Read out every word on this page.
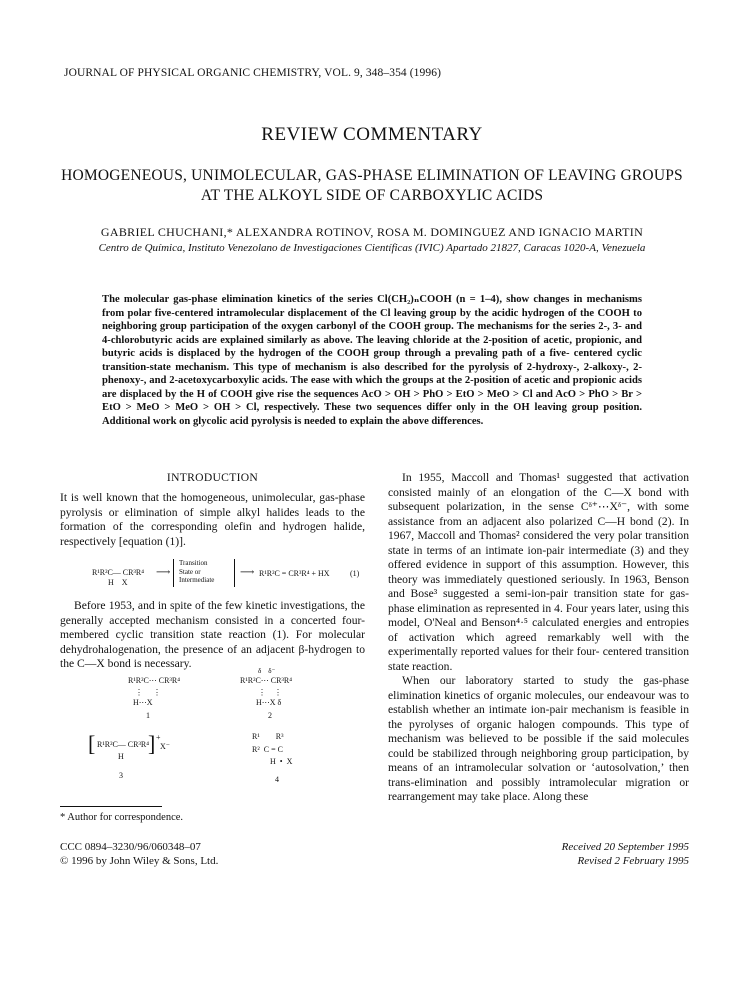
JOURNAL OF PHYSICAL ORGANIC CHEMISTRY, VOL. 9, 348–354 (1996)
REVIEW COMMENTARY
HOMOGENEOUS, UNIMOLECULAR, GAS-PHASE ELIMINATION OF LEAVING GROUPS AT THE ALKOYL SIDE OF CARBOXYLIC ACIDS
GABRIEL CHUCHANI,* ALEXANDRA ROTINOV, ROSA M. DOMINGUEZ AND IGNACIO MARTIN
Centro de Química, Instituto Venezolano de Investigaciones Científicas (IVIC) Apartado 21827, Caracas 1020-A, Venezuela
The molecular gas-phase elimination kinetics of the series Cl(CH₂)ₙCOOH (n = 1–4), show changes in mechanisms from polar five-centered intramolecular displacement of the Cl leaving group by the acidic hydrogen of the COOH to neighboring group participation of the oxygen carbonyl of the COOH group. The mechanisms for the series 2-, 3- and 4-chlorobutyric acids are explained similarly as above. The leaving chloride at the 2-position of acetic, propionic, and butyric acids is displaced by the hydrogen of the COOH group through a prevaling path of a five- centered cyclic transition-state mechanism. This type of mechanism is also described for the pyrolysis of 2-hydroxy-, 2-alkoxy-, 2-phenoxy-, and 2-acetoxycarboxylic acids. The ease with which the groups at the 2-position of acetic and propionic acids are displaced by the H of COOH give rise the sequences AcO > OH > PhO > EtO > MeO > Cl and AcO > PhO > Br > EtO > MeO > MeO > OH > Cl, respectively. These two sequences differ only in the OH leaving group position. Additional work on glycolic acid pyrolysis is needed to explain the above differences.
INTRODUCTION

It is well known that the homogeneous, unimolecular, gas-phase pyrolysis or elimination of simple alkyl halides leads to the formation of the corresponding olefin and hydrogen halide, respectively [equation (1)].

R¹R²C— CR³R⁴
H    X
⟶
Transition
State or
Intermediate
⟶ R¹R²C = CR³R⁴ + HX	(1)

Before 1953, and in spite of the few kinetic investigations, the generally accepted mechanism consisted in a concerted four-membered cyclic transition state reaction (1). For molecular dehydrohalogenation, the presence of an adjacent β-hydrogen to the C—X bond is necessary.

R¹R²C⋯ CR³R⁴
⋮     ⋮
H⋯X
1
δ    δ⁻
R¹R²C⋯ CR³R⁴
⋮    ⋮
H⋯X δ
2
[ R¹R²C— CR³R⁴
H
] +
X⁻
3
R¹        R³
R²  C = C
H  •  X
4
* Author for correspondence.
CCC 0894–3230/96/060348–07
© 1996 by John Wiley & Sons, Ltd.

In 1955, Maccoll and Thomas¹ suggested that activation consisted mainly of an elongation of the C—X bond with subsequent polarization, in the sense Cᵟ⁺⋯Xᵟ⁻, with some assistance from an adjacent also polarized C—H bond (2). In 1967, Maccoll and Thomas² considered the very polar transition state in terms of an intimate ion-pair intermediate (3) and they offered evidence in support of this assumption. However, this theory was immediately questioned seriously. In 1963, Benson and Bose³ suggested a semi-ion-pair transition state for gas-phase elimination as represented in 4. Four years later, using this model, O'Neal and Benson⁴·⁵ calculated energies and entropies of activation which agreed remarkably well with the experimentally reported values for their four- centered transition state reaction.

When our laboratory started to study the gas-phase elimination kinetics of organic molecules, our endeavour was to establish whether an intimate ion-pair mechanism is feasible in the pyrolyses of organic halogen compounds. This type of mechanism was believed to be possible if the said molecules could be stabilized through neighboring group participation, by means of an intramolecular solvation or ‘autosolvation,’ then trans-elimination and possibly intramolecular migration or rearrangement may take place. Along these

Received 20 September 1995
Revised 2 February 1995
